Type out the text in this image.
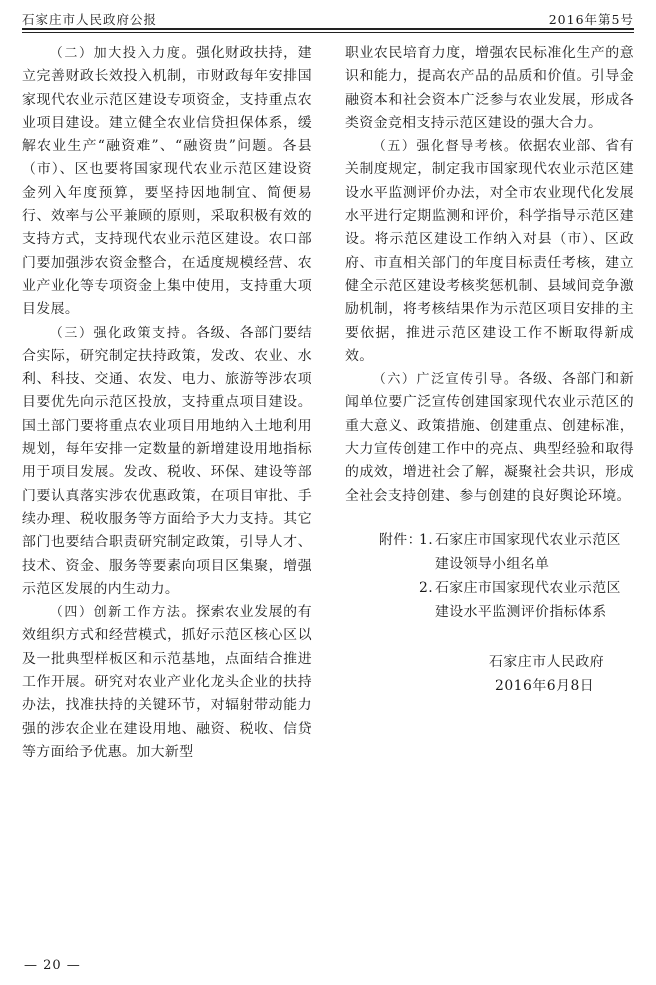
石家庄市人民政府公报	2016年第5号

（二）加大投入力度。强化财政扶持，建立完善财政长效投入机制，市财政每年安排国家现代农业示范区建设专项资金，支持重点农业项目建设。建立健全农业信贷担保体系，缓解农业生产“融资难”、“融资贵”问题。各县（市）、区也要将国家现代农业示范区建设资金列入年度预算，要坚持因地制宜、简便易行、效率与公平兼顾的原则，采取积极有效的支持方式，支持现代农业示范区建设。农口部门要加强涉农资金整合，在适度规模经营、农业产业化等专项资金上集中使用，支持重大项目发展。

（三）强化政策支持。各级、各部门要结合实际，研究制定扶持政策，发改、农业、水利、科技、交通、农发、电力、旅游等涉农项目要优先向示范区投放，支持重点项目建设。国土部门要将重点农业项目用地纳入土地利用规划，每年安排一定数量的新增建设用地指标用于项目发展。发改、税收、环保、建设等部门要认真落实涉农优惠政策，在项目审批、手续办理、税收服务等方面给予大力支持。其它部门也要结合职责研究制定政策，引导人才、技术、资金、服务等要素向项目区集聚，增强示范区发展的内生动力。

（四）创新工作方法。探索农业发展的有效组织方式和经营模式，抓好示范区核心区以及一批典型样板区和示范基地，点面结合推进工作开展。研究对农业产业化龙头企业的扶持办法，找准扶持的关键环节，对辐射带动能力强的涉农企业在建设用地、融资、税收、信贷等方面给予优惠。加大新型

职业农民培育力度，增强农民标准化生产的意识和能力，提高农产品的品质和价值。引导金融资本和社会资本广泛参与农业发展，形成各类资金竞相支持示范区建设的强大合力。

（五）强化督导考核。依据农业部、省有关制度规定，制定我市国家现代农业示范区建设水平监测评价办法，对全市农业现代化发展水平进行定期监测和评价，科学指导示范区建设。将示范区建设工作纳入对县（市）、区政府、市直相关部门的年度目标责任考核，建立健全示范区建设考核奖惩机制、县域间竞争激励机制，将考核结果作为示范区项目安排的主要依据，推进示范区建设工作不断取得新成效。

（六）广泛宣传引导。各级、各部门和新闻单位要广泛宣传创建国家现代农业示范区的重大意义、政策措施、创建重点、创建标准，大力宣传创建工作中的亮点、典型经验和取得的成效，增进社会了解，凝聚社会共识，形成全社会支持创建、参与创建的良好舆论环境。

附件：
1. 石家庄市国家现代农业示范区
建设领导小组名单
2. 石家庄市国家现代农业示范区
建设水平监测评价指标体系
石家庄市人民政府
2016年6月8日
— 20 —
